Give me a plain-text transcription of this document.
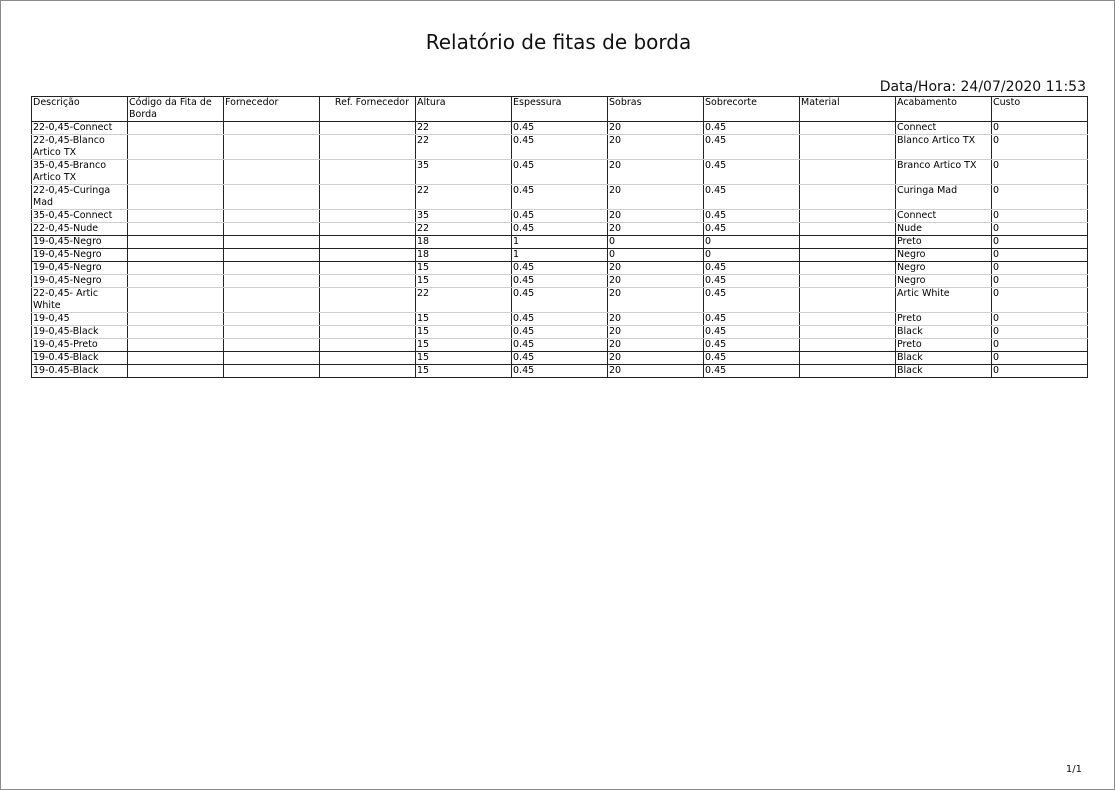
Relatório de fitas de borda
Data/Hora: 24/07/2020 11:53
Descrição	Código da Fita de Borda	Fornecedor	Ref. Fornecedor	Altura	Espessura	Sobras	Sobrecorte	Material	Acabamento	Custo
22-0,45-Connect				22	0.45	20	0.45		Connect	0
22-0,45-Blanco Artico TX				22	0.45	20	0.45		Blanco Artico TX	0
35-0,45-Branco Artico TX				35	0.45	20	0.45		Branco Artico TX	0
22-0,45-Curinga Mad				22	0.45	20	0.45		Curinga Mad	0
35-0,45-Connect				35	0.45	20	0.45		Connect	0
22-0,45-Nude				22	0.45	20	0.45		Nude	0
19-0,45-Negro				18	1	0	0		Preto	0
19-0,45-Negro				18	1	0	0		Negro	0
19-0,45-Negro				15	0.45	20	0.45		Negro	0
19-0,45-Negro				15	0.45	20	0.45		Negro	0
22-0,45- Artic White				22	0.45	20	0.45		Artic White	0
19-0,45				15	0.45	20	0.45		Preto	0
19-0,45-Black				15	0.45	20	0.45		Black	0
19-0,45-Preto				15	0.45	20	0.45		Preto	0
19-0.45-Black				15	0.45	20	0.45		Black	0
19-0.45-Black				15	0.45	20	0.45		Black	0
1/1
